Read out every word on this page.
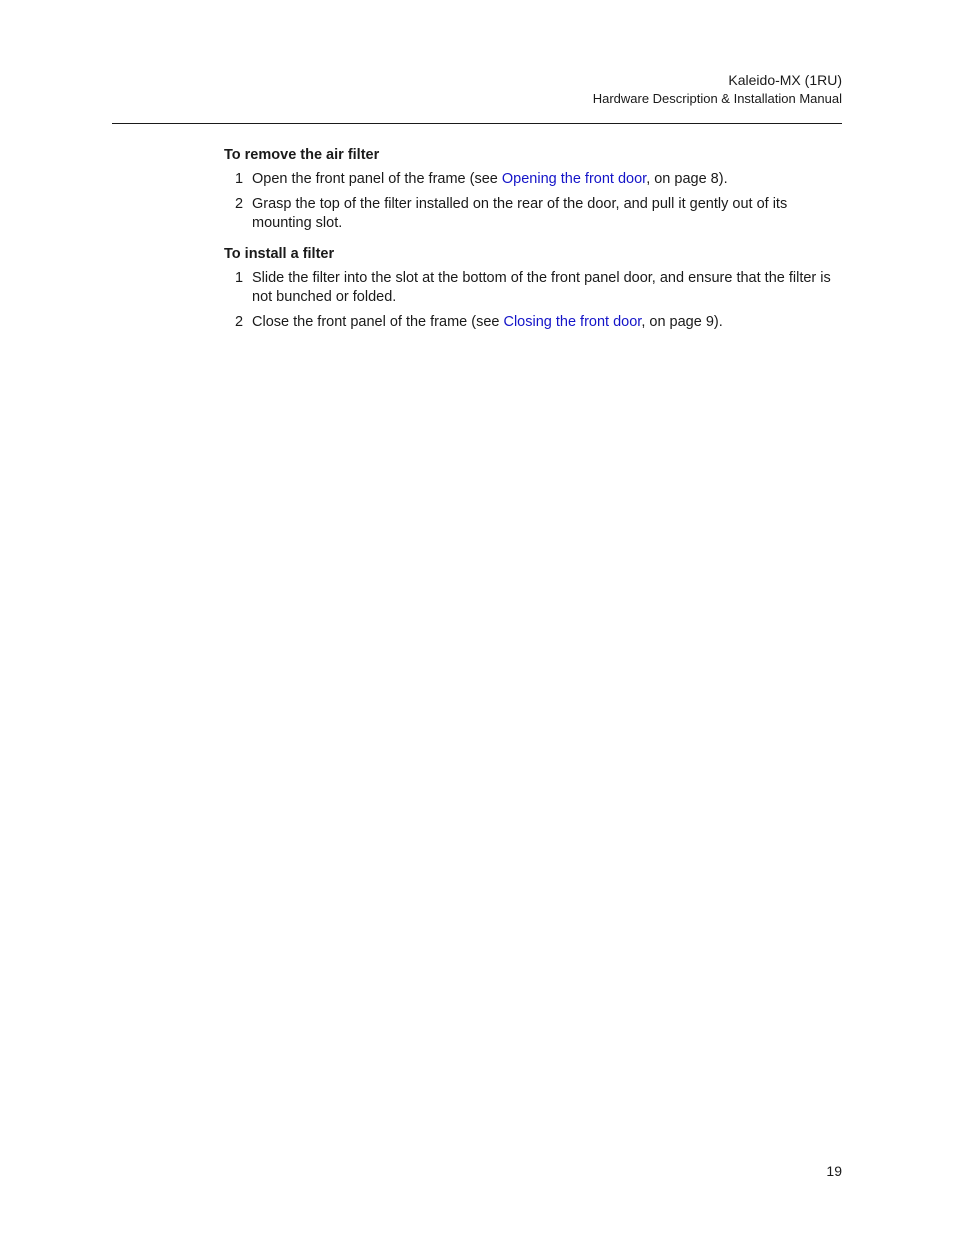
Kaleido-MX (1RU)
Hardware Description & Installation Manual
To remove the air filter
1 Open the front panel of the frame (see Opening the front door, on page 8).
2 Grasp the top of the filter installed on the rear of the door, and pull it gently out of its mounting slot.
To install a filter
1 Slide the filter into the slot at the bottom of the front panel door, and ensure that the filter is not bunched or folded.
2 Close the front panel of the frame (see Closing the front door, on page 9).
19
